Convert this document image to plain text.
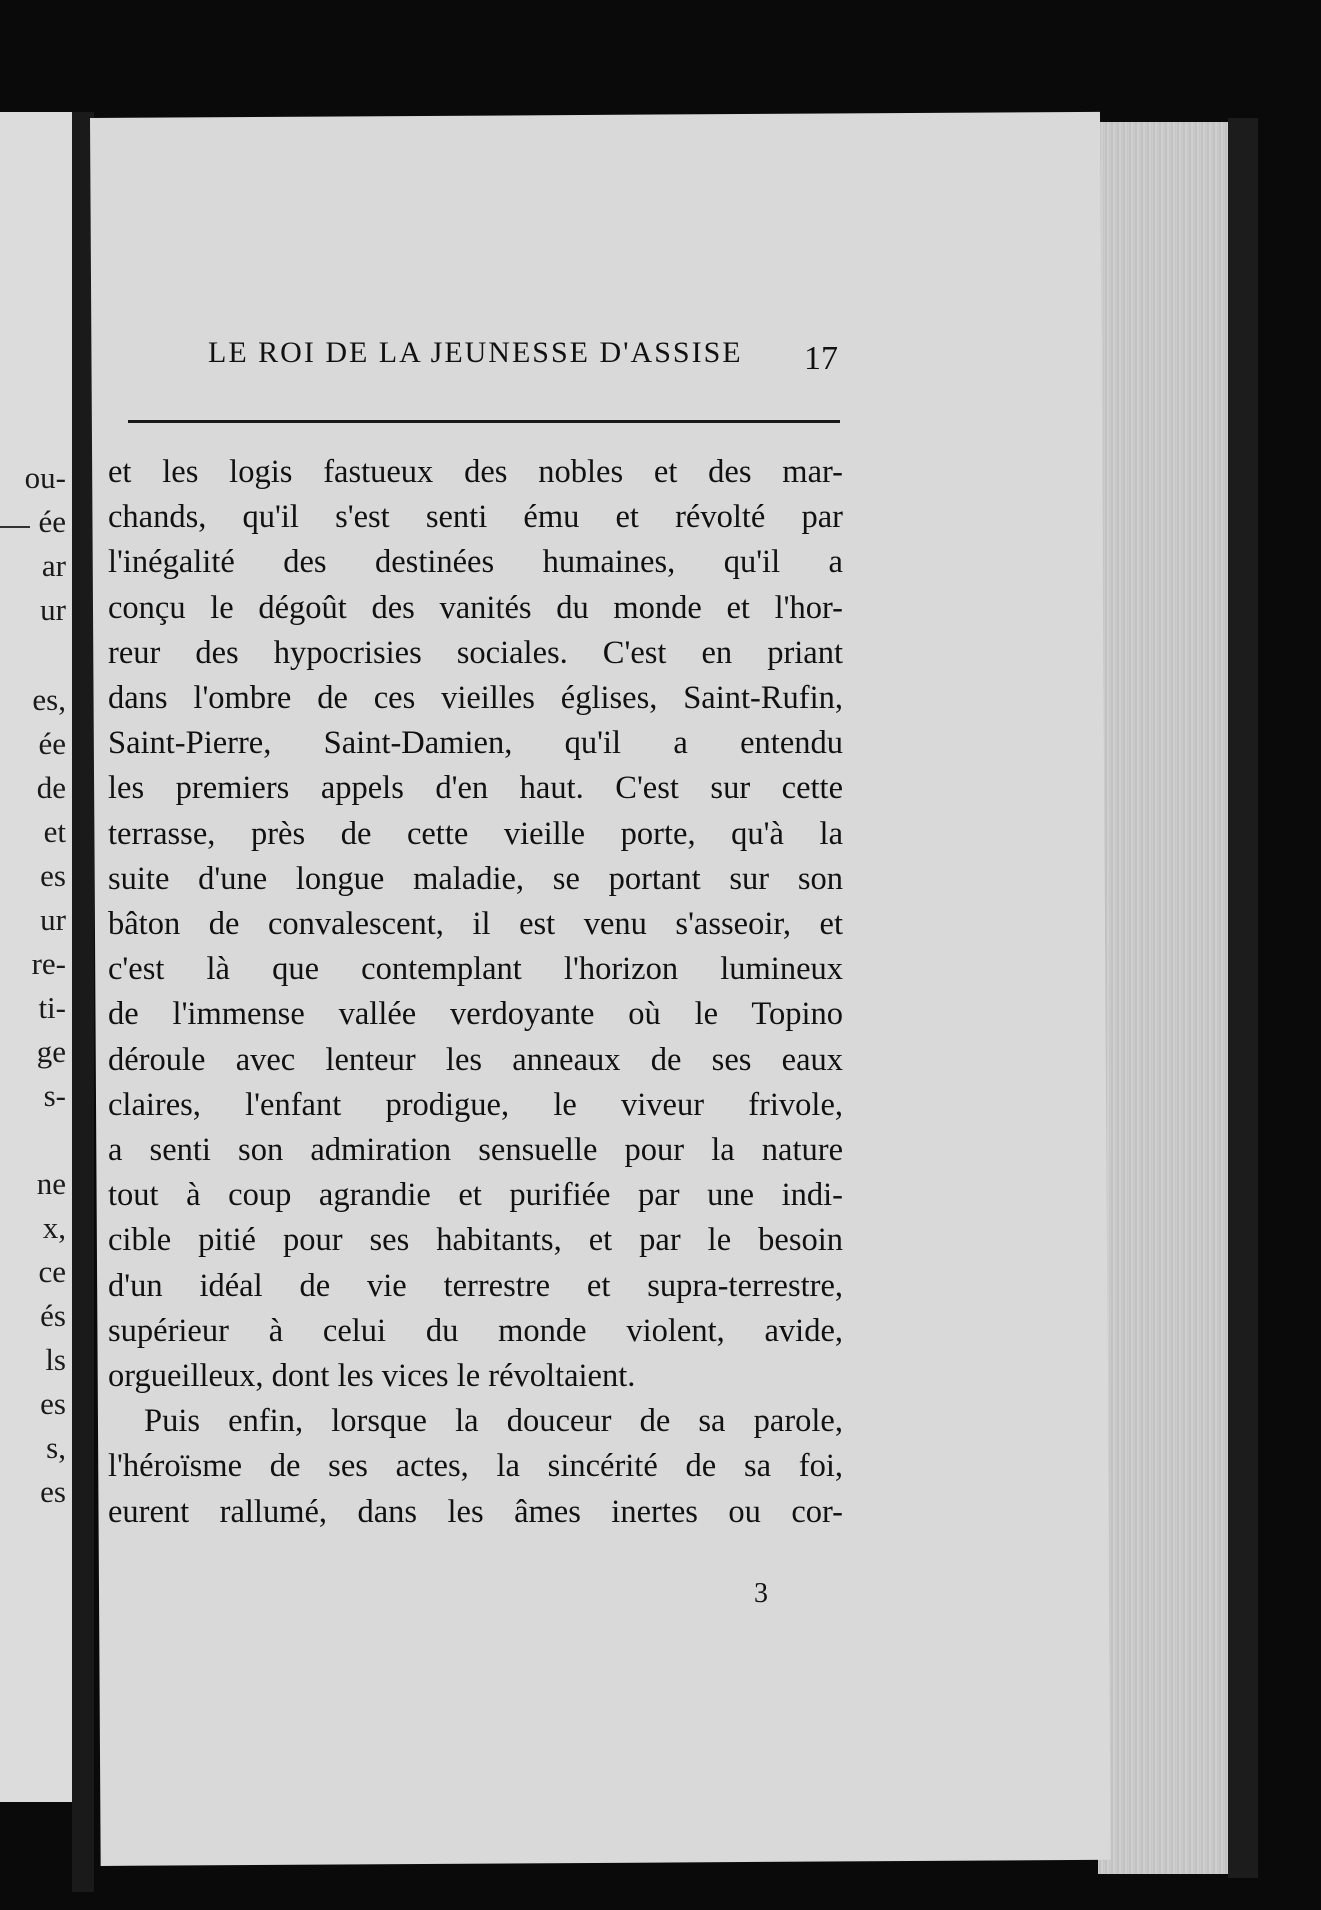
ou-
ée
ar
ur
es,
ée
de
et
es
ur
re-
ti-
ge
s-
ne
x,
ce
és
ls
es
s,
es
LE ROI DE LA JEUNESSE D'ASSISE	17
et les logis fastueux des nobles et des mar-
chands, qu'il s'est senti ému et révolté par
l'inégalité des destinées humaines, qu'il a
conçu le dégoût des vanités du monde et l'hor-
reur des hypocrisies sociales. C'est en priant
dans l'ombre de ces vieilles églises, Saint-Rufin,
Saint-Pierre, Saint-Damien, qu'il a entendu
les premiers appels d'en haut. C'est sur cette
terrasse, près de cette vieille porte, qu'à la
suite d'une longue maladie, se portant sur son
bâton de convalescent, il est venu s'asseoir, et
c'est là que contemplant l'horizon lumineux
de l'immense vallée verdoyante où le Topino
déroule avec lenteur les anneaux de ses eaux
claires, l'enfant prodigue, le viveur frivole,
a senti son admiration sensuelle pour la nature
tout à coup agrandie et purifiée par une indi-
cible pitié pour ses habitants, et par le besoin
d'un idéal de vie terrestre et supra-terrestre,
supérieur à celui du monde violent, avide,
orgueilleux, dont les vices le révoltaient.
Puis enfin, lorsque la douceur de sa parole,
l'héroïsme de ses actes, la sincérité de sa foi,
eurent rallumé, dans les âmes inertes ou cor-
3
